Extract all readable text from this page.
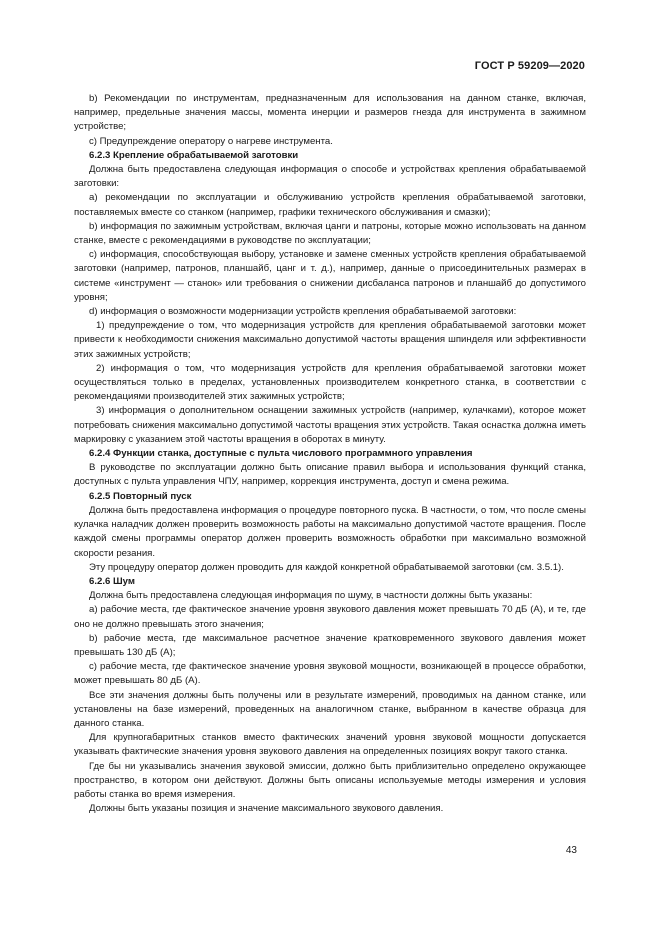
ГОСТ Р 59209—2020

b) Рекомендации по инструментам, предназначенным для использования на данном станке, включая, например, предельные значения массы, момента инерции и размеров гнезда для инструмента в зажимном устройстве;

с) Предупреждение оператору о нагреве инструмента.

6.2.3 Крепление обрабатываемой заготовки

Должна быть предоставлена следующая информация о способе и устройствах крепления обрабатываемой заготовки:

a) рекомендации по эксплуатации и обслуживанию устройств крепления обрабатываемой заготовки, поставляемых вместе со станком (например, графики технического обслуживания и смазки);

b) информация по зажимным устройствам, включая цанги и патроны, которые можно использовать на данном станке, вместе с рекомендациями в руководстве по эксплуатации;

с) информация, способствующая выбору, установке и замене сменных устройств крепления обрабатываемой заготовки (например, патронов, планшайб, цанг и т. д.), например, данные о присоединительных размерах в системе «инструмент — станок» или требования о снижении дисбаланса патронов и планшайб до допустимого уровня;

d) информация о возможности модернизации устройств крепления обрабатываемой заготовки:

1) предупреждение о том, что модернизация устройств для крепления обрабатываемой заготовки может привести к необходимости снижения максимально допустимой частоты вращения шпинделя или эффективности этих зажимных устройств;

2) информация о том, что модернизация устройств для крепления обрабатываемой заготовки может осуществляться только в пределах, установленных производителем конкретного станка, в соответствии с рекомендациями производителей этих зажимных устройств;

3) информация о дополнительном оснащении зажимных устройств (например, кулачками), которое может потребовать снижения максимально допустимой частоты вращения этих устройств. Такая оснастка должна иметь маркировку с указанием этой частоты вращения в оборотах в минуту.

6.2.4 Функции станка, доступные с пульта числового программного управления

В руководстве по эксплуатации должно быть описание правил выбора и использования функций станка, доступных с пульта управления ЧПУ, например, коррекция инструмента, доступ и смена режима.

6.2.5 Повторный пуск

Должна быть предоставлена информация о процедуре повторного пуска. В частности, о том, что после смены кулачка наладчик должен проверить возможность работы на максимально допустимой частоте вращения. После каждой смены программы оператор должен проверить возможность обработки при максимально возможной скорости резания.

Эту процедуру оператор должен проводить для каждой конкретной обрабатываемой заготовки (см. 3.5.1).

6.2.6 Шум

Должна быть предоставлена следующая информация по шуму, в частности должны быть указаны:

a) рабочие места, где фактическое значение уровня звукового давления может превышать 70 дБ (А), и те, где оно не должно превышать этого значения;

b) рабочие места, где максимальное расчетное значение кратковременного звукового давления может превышать 130 дБ (А);

с) рабочие места, где фактическое значение уровня звуковой мощности, возникающей в процессе обработки, может превышать 80 дБ (А).

Все эти значения должны быть получены или в результате измерений, проводимых на данном станке, или установлены на базе измерений, проведенных на аналогичном станке, выбранном в качестве образца для данного станка.

Для крупногабаритных станков вместо фактических значений уровня звуковой мощности допускается указывать фактические значения уровня звукового давления на определенных позициях вокруг такого станка.

Где бы ни указывались значения звуковой эмиссии, должно быть приблизительно определено окружающее пространство, в котором они действуют. Должны быть описаны используемые методы измерения и условия работы станка во время измерения.

Должны быть указаны позиция и значение максимального звукового давления.

43
